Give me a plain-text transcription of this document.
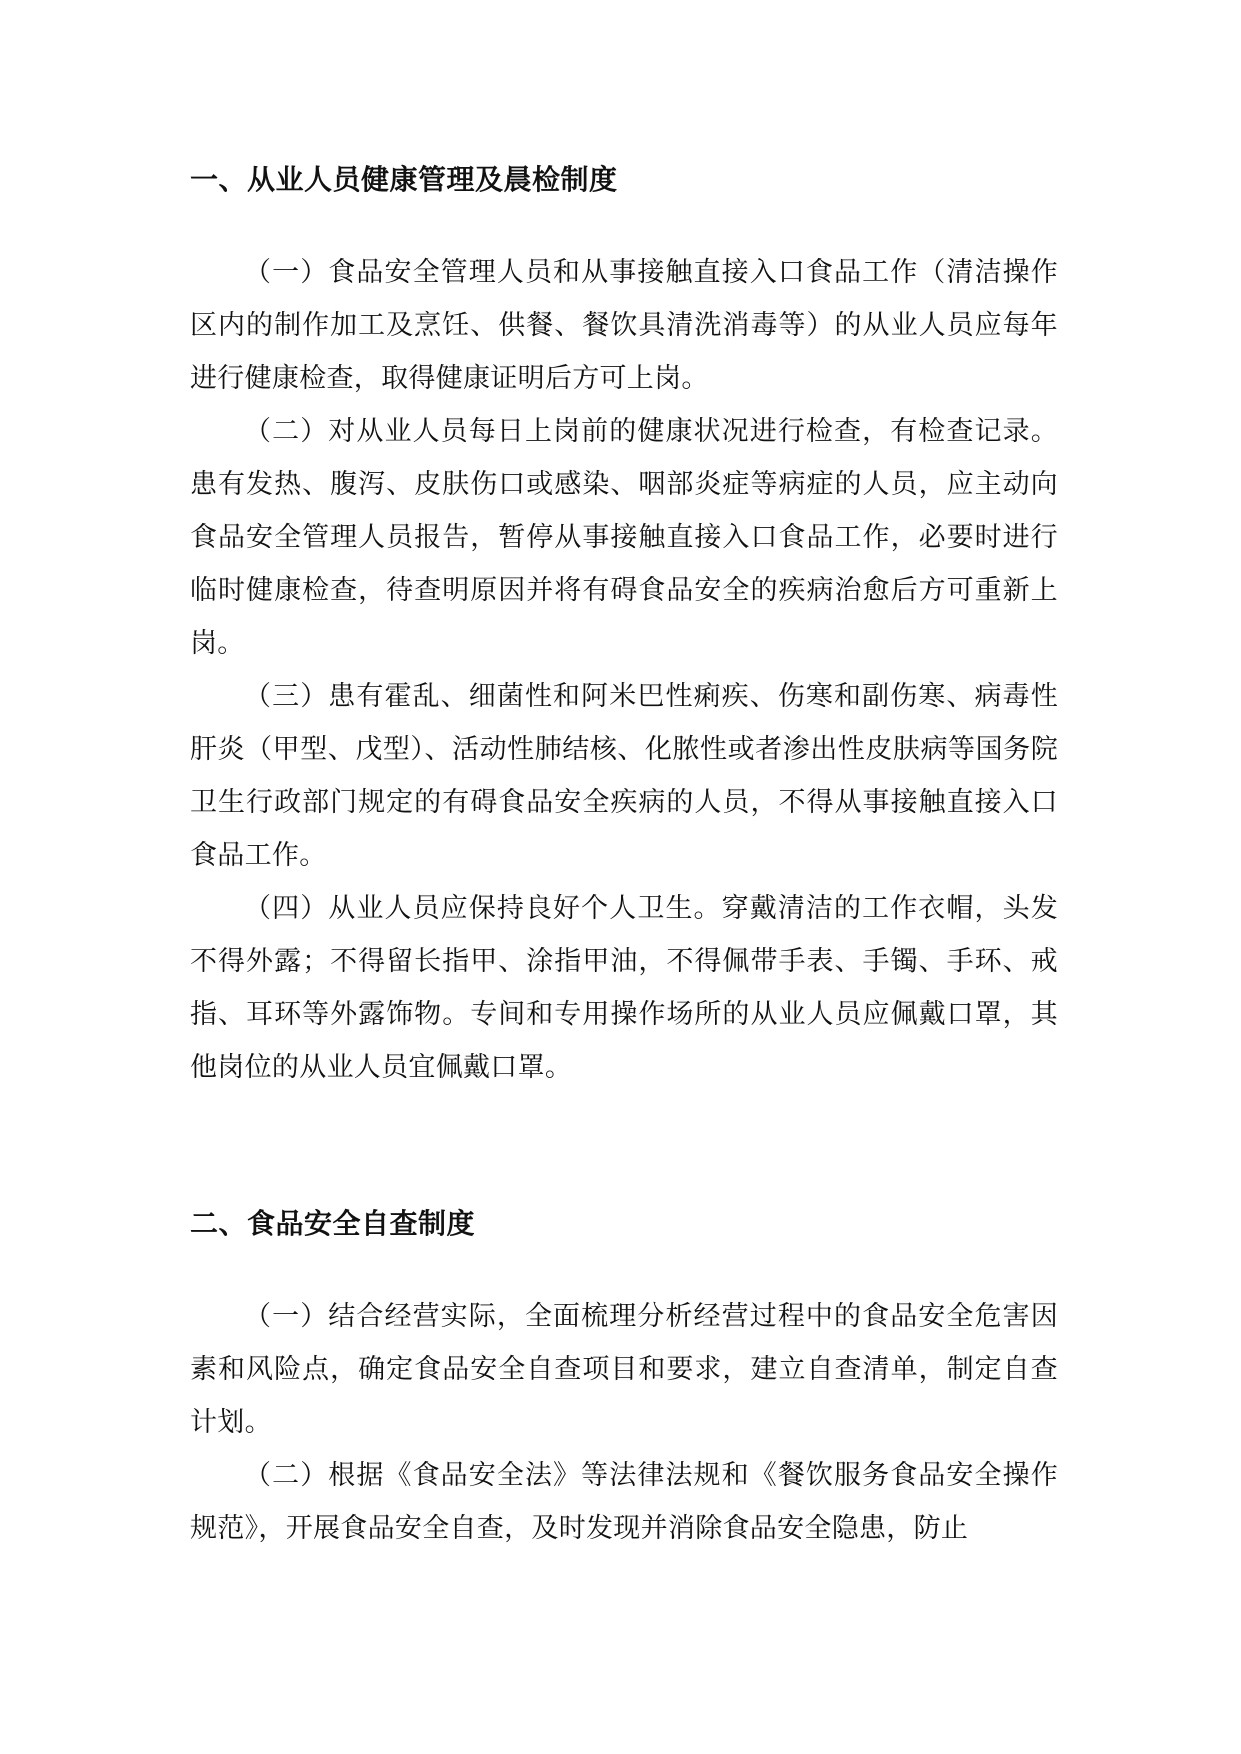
一、从业人员健康管理及晨检制度

（一）食品安全管理人员和从事接触直接入口食品工作（清洁操作区内的制作加工及烹饪、供餐、餐饮具清洗消毒等）的从业人员应每年进行健康检查，取得健康证明后方可上岗。

（二）对从业人员每日上岗前的健康状况进行检查，有检查记录。患有发热、腹泻、皮肤伤口或感染、咽部炎症等病症的人员，应主动向食品安全管理人员报告，暂停从事接触直接入口食品工作，必要时进行临时健康检查，待查明原因并将有碍食品安全的疾病治愈后方可重新上岗。

（三）患有霍乱、细菌性和阿米巴性痢疾、伤寒和副伤寒、病毒性肝炎（甲型、戊型）、活动性肺结核、化脓性或者渗出性皮肤病等国务院卫生行政部门规定的有碍食品安全疾病的人员，不得从事接触直接入口食品工作。

（四）从业人员应保持良好个人卫生。穿戴清洁的工作衣帽，头发不得外露；不得留长指甲、涂指甲油，不得佩带手表、手镯、手环、戒指、耳环等外露饰物。专间和专用操作场所的从业人员应佩戴口罩，其他岗位的从业人员宜佩戴口罩。

二、食品安全自查制度

（一）结合经营实际，全面梳理分析经营过程中的食品安全危害因素和风险点，确定食品安全自查项目和要求，建立自查清单，制定自查计划。

（二）根据《食品安全法》等法律法规和《餐饮服务食品安全操作规范》，开展食品安全自查，及时发现并消除食品安全隐患，防止
